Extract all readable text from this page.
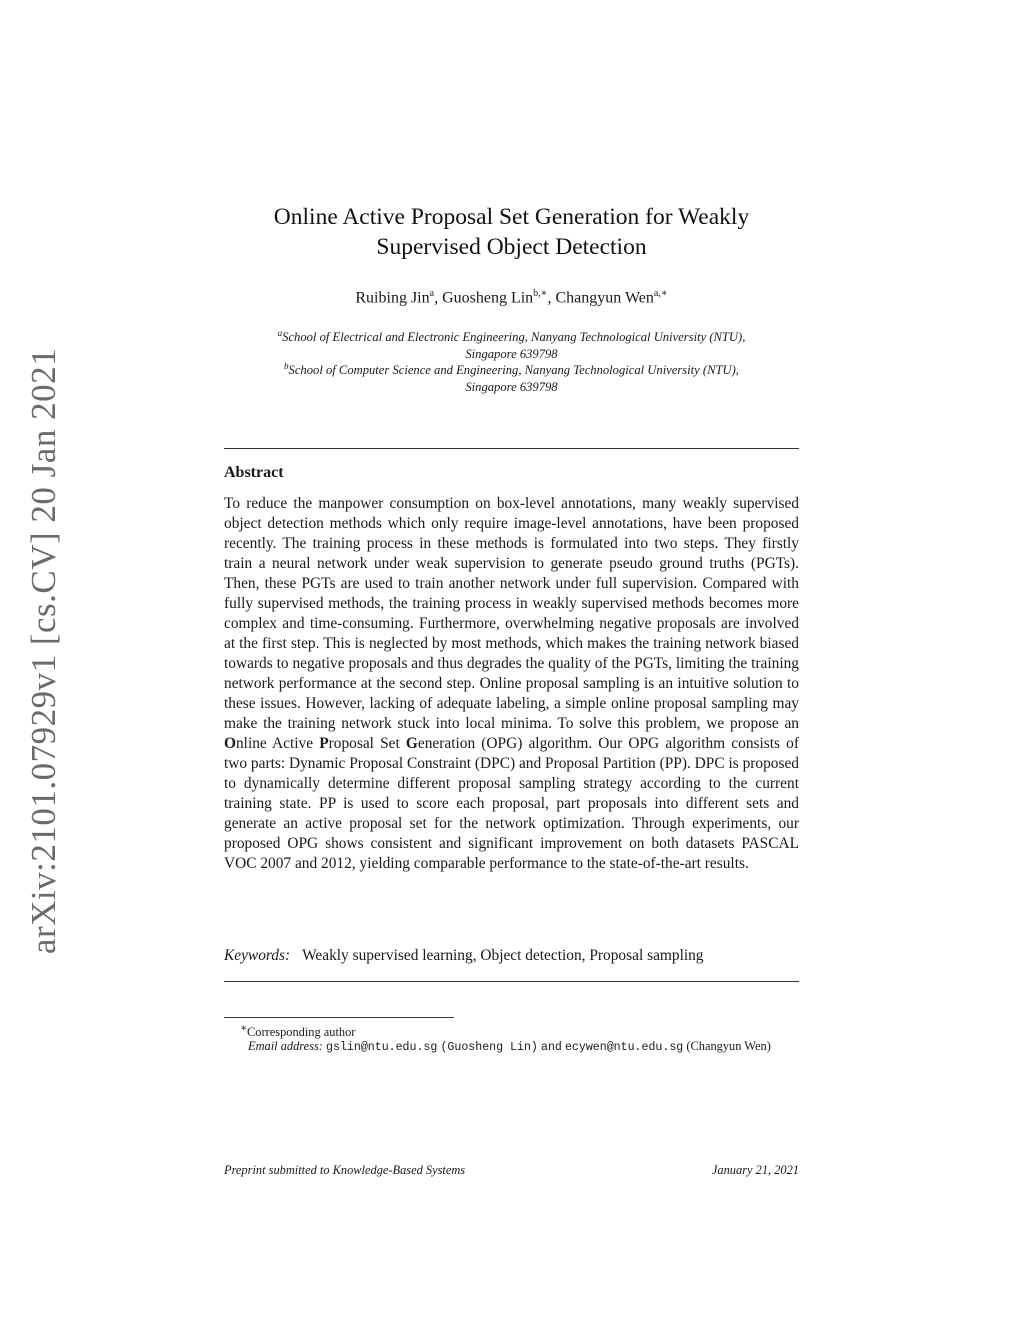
arXiv:2101.07929v1 [cs.CV] 20 Jan 2021
Online Active Proposal Set Generation for Weakly
Supervised Object Detection
Ruibing Jin$^a$, Guosheng Lin$^{b,∗}$, Changyun Wen$^{a,∗}$
$^a$School of Electrical and Electronic Engineering, Nanyang Technological University (NTU),
Singapore 639798
$^b$School of Computer Science and Engineering, Nanyang Technological University (NTU),
Singapore 639798
Abstract
To reduce the manpower consumption on box-level annotations, many weakly supervised object detection methods which only require image-level annotations, have been proposed recently. The training process in these methods is formulated into two steps. They firstly train a neural network under weak supervision to generate pseudo ground truths (PGTs). Then, these PGTs are used to train another network under full supervision. Compared with fully supervised methods, the training process in weakly supervised methods becomes more complex and time-consuming. Furthermore, overwhelming negative proposals are involved at the first step. This is neglected by most methods, which makes the training network biased towards to negative proposals and thus degrades the quality of the PGTs, limiting the training network performance at the second step. Online proposal sampling is an intuitive solution to these issues. However, lacking of adequate labeling, a simple online proposal sampling may make the training network stuck into local minima. To solve this problem, we propose an Online Active Proposal Set Generation (OPG) algorithm. Our OPG algorithm consists of two parts: Dynamic Proposal Constraint (DPC) and Proposal Partition (PP). DPC is proposed to dynamically determine different proposal sampling strategy according to the current training state. PP is used to score each proposal, part proposals into different sets and generate an active proposal set for the network optimization. Through experiments, our proposed OPG shows consistent and significant improvement on both datasets PASCAL VOC 2007 and 2012, yielding comparable performance to the state-of-the-art results.
Keywords: Weakly supervised learning, Object detection, Proposal sampling
∗Corresponding author
Email address: gslin@ntu.edu.sg (Guosheng Lin) and ecywen@ntu.edu.sg (Changyun Wen)
Preprint submitted to Knowledge-Based Systems	January 21, 2021
